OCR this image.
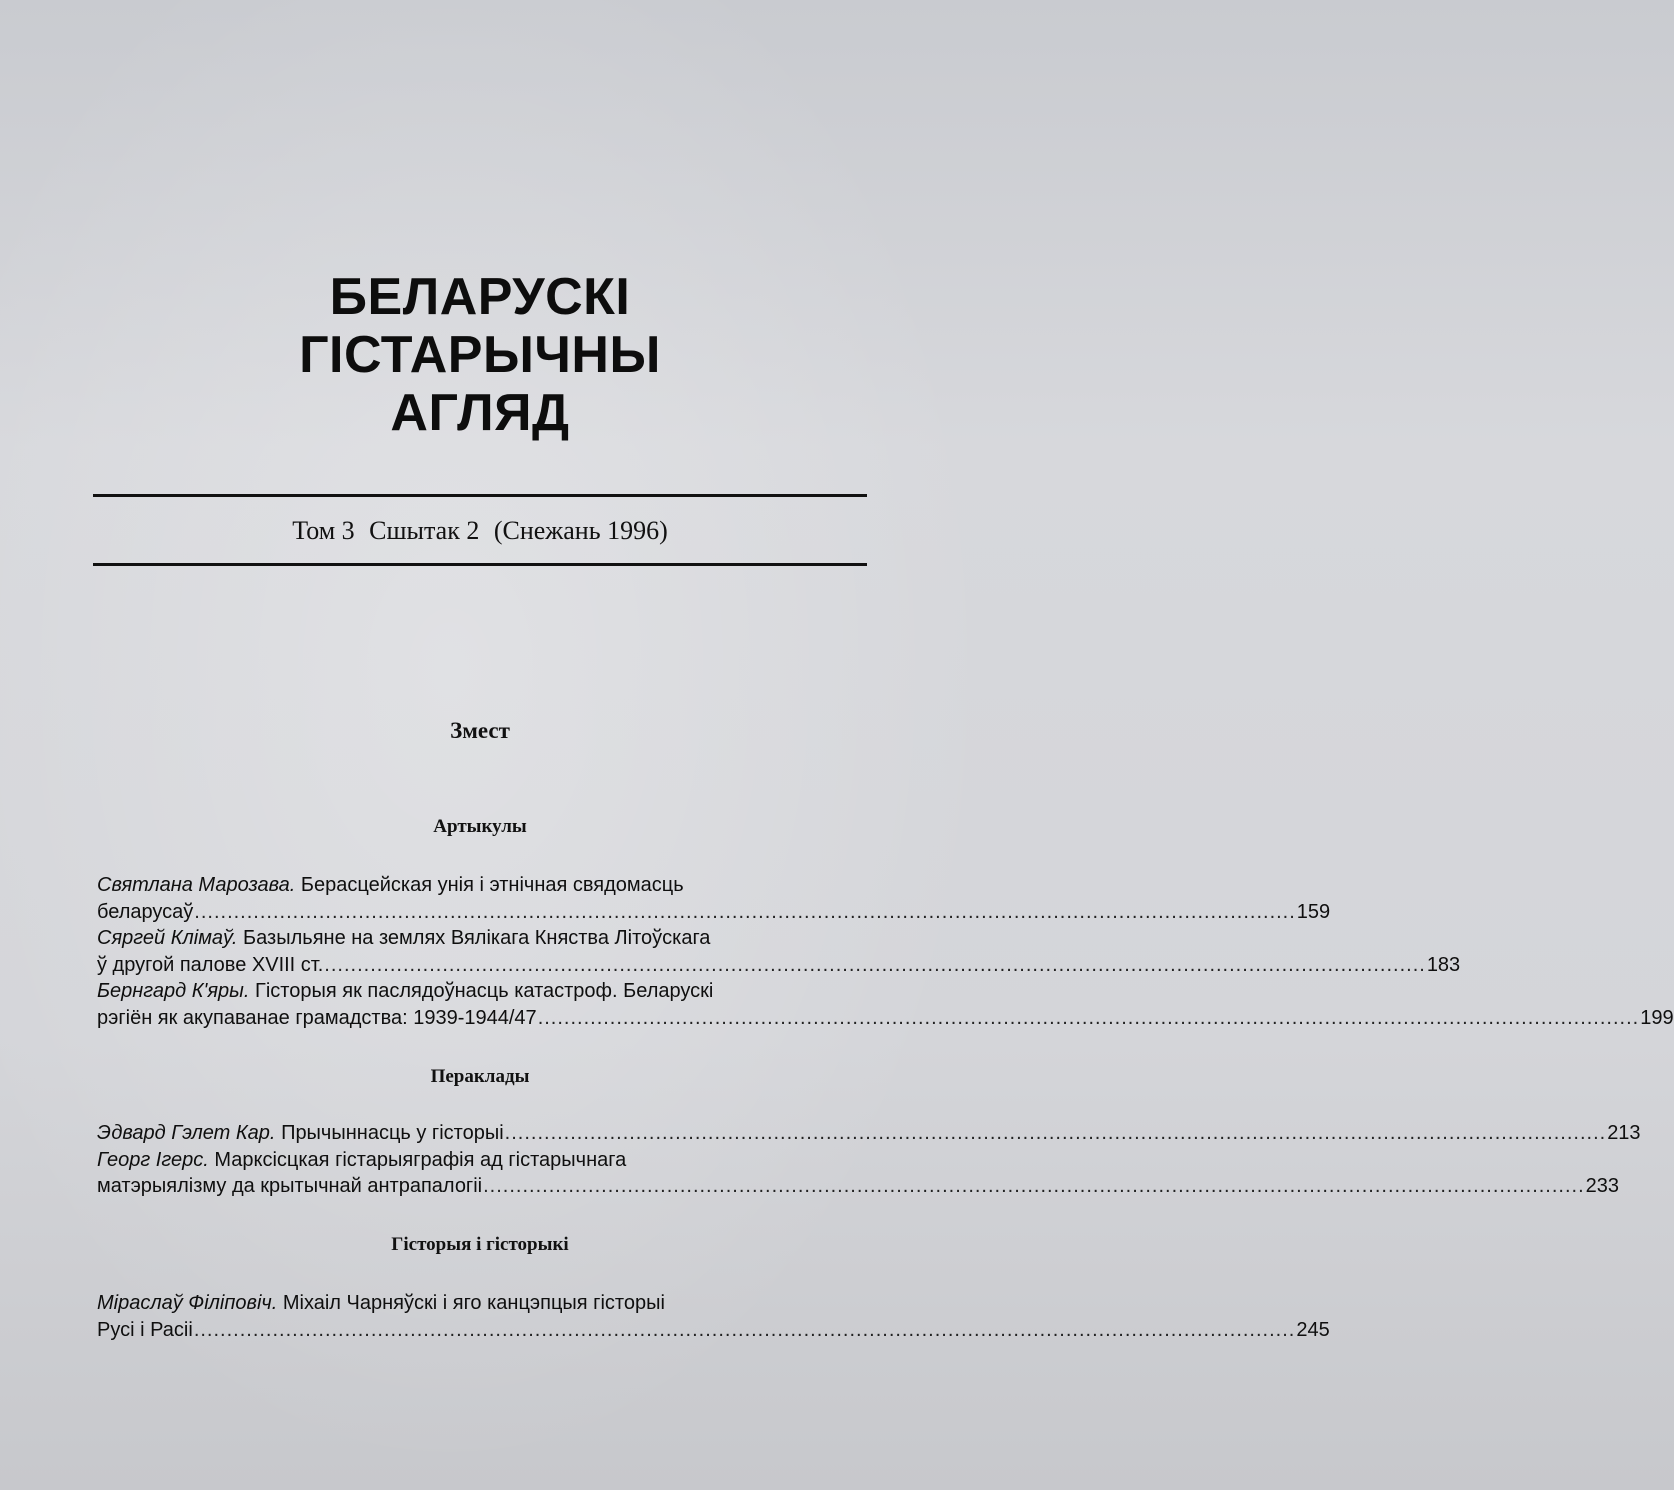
БЕЛАРУСКІ
ГІСТАРЫЧНЫ
АГЛЯД
Том 3 Сшытак 2 (Снежань 1996)
Змест
Артыкулы
Святлана Марозава. Берасцейская унія і этнічная свядомасць
беларусаў ........................................................................................................................................................................ 159
Сяргей Клімаў. Базыльяне на землях Вялікага Княства Літоўскага
ў другой палове XVIII ст. ........................................................................................................................................................................ 183
Бернгард К'яры. Гісторыя як паслядоўнасць катастроф. Беларускі
рэгіён як акупаванае грамадства: 1939-1944/47 ........................................................................................................................................................................ 199
Пераклады
Эдвард Гэлет Кар.
Прычыннасць у гісторыі ........................................................................................................................................................................ 213
Георг Ігерс. Марксісцкая гістарыяграфія ад гістарычнага
матэрыялізму да крытычнай антрапалогіі ........................................................................................................................................................................ 233
Гісторыя і гісторыкі
Міраслаў Філіповіч. Міхаіл Чарняўскі і яго канцэпцыя гісторыі
Русі і Расіі ........................................................................................................................................................................ 245
